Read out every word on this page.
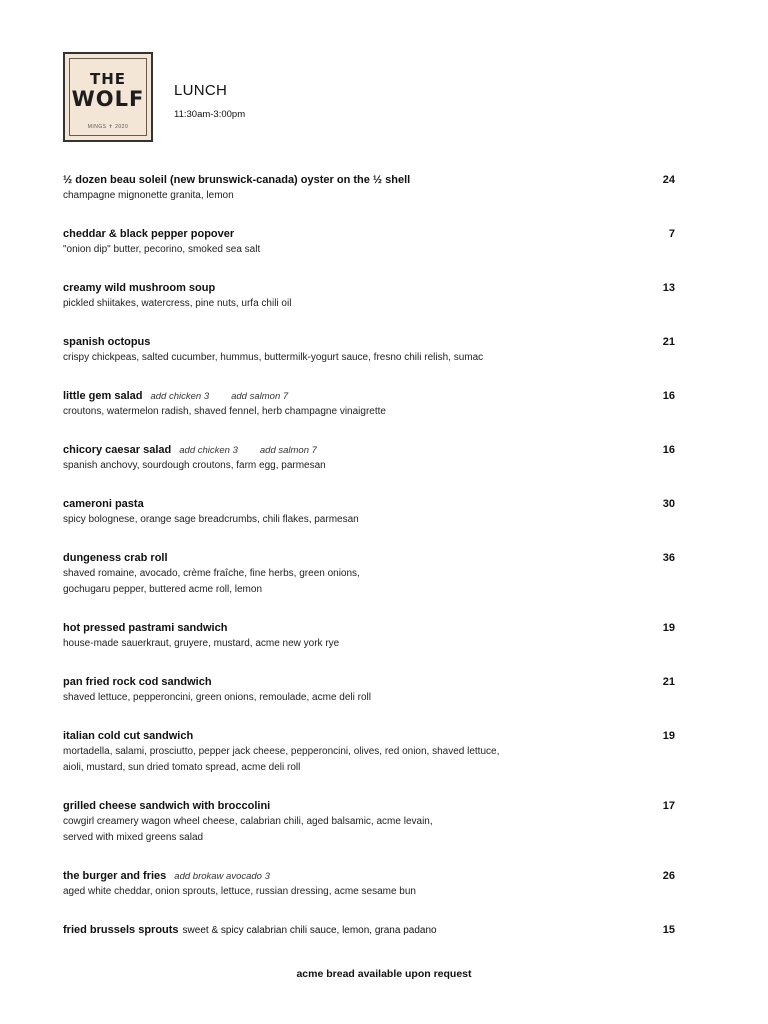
THE
WOLF
MINGS ✝ 2020
LUNCH
11:30am-3:00pm
½ dozen beau soleil (new brunswick-canada) oyster on the ½ shell	24
champagne mignonette granita, lemon
cheddar & black pepper popover	7
"onion dip" butter, pecorino, smoked sea salt
creamy wild mushroom soup	13
pickled shiitakes, watercress, pine nuts, urfa chili oil
spanish octopus	21
crispy chickpeas, salted cucumber, hummus, buttermilk-yogurt sauce, fresno chili relish, sumac
little gem salad add chicken 3 add salmon 7	16
croutons, watermelon radish, shaved fennel, herb champagne vinaigrette
chicory caesar salad add chicken 3 add salmon 7	16
spanish anchovy, sourdough croutons, farm egg, parmesan
cameroni pasta	30
spicy bolognese, orange sage breadcrumbs, chili flakes, parmesan
dungeness crab roll	36
shaved romaine, avocado, crème fraîche, fine herbs, green onions,
gochugaru pepper, buttered acme roll, lemon
hot pressed pastrami sandwich	19
house-made sauerkraut, gruyere, mustard, acme new york rye
pan fried rock cod sandwich	21
shaved lettuce, pepperoncini, green onions, remoulade, acme deli roll
italian cold cut sandwich	19
mortadella, salami, prosciutto, pepper jack cheese, pepperoncini, olives, red onion, shaved lettuce,
aioli, mustard, sun dried tomato spread, acme deli roll
grilled cheese sandwich with broccolini	17
cowgirl creamery wagon wheel cheese, calabrian chili, aged balsamic, acme levain,
served with mixed greens salad
the burger and fries add brokaw avocado 3	26
aged white cheddar, onion sprouts, lettuce, russian dressing, acme sesame bun
fried brussels sprouts sweet & spicy calabrian chili sauce, lemon, grana padano	15
acme bread available upon request
